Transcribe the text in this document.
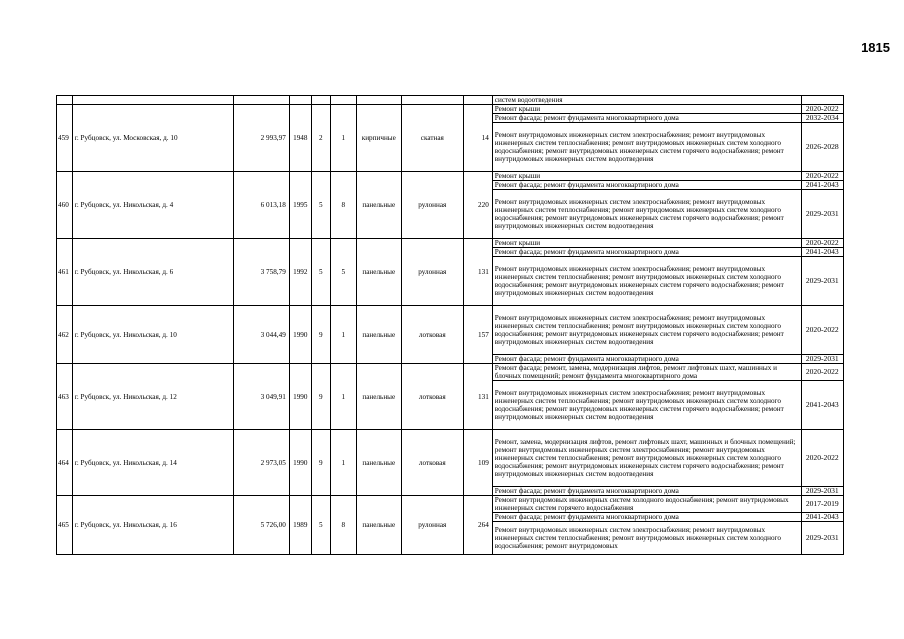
1815
									систем водоотведения	
459	г. Рубцовск, ул. Московская, д. 10	2 993,97	1948	2	1	кирпичные	скатная	14	Ремонт крыши	2020-2022
									Ремонт фасада; ремонт фундамента многоквартирного дома	2032-2034
									Ремонт внутридомовых инженерных систем электроснабжения; ремонт внутридомовых инженерных систем теплоснабжения; ремонт внутридомовых инженерных систем холодного водоснабжения; ремонт внутридомовых инженерных систем горячего водоснабжения; ремонт внутридомовых инженерных систем водоотведения	2026-2028
460	г. Рубцовск, ул. Никольская, д. 4	6 013,18	1995	5	8	панельные	рулонная	220	Ремонт крыши	2020-2022
									Ремонт фасада; ремонт фундамента многоквартирного дома	2041-2043
									Ремонт внутридомовых инженерных систем электроснабжения; ремонт внутридомовых инженерных систем теплоснабжения; ремонт внутридомовых инженерных систем холодного водоснабжения; ремонт внутридомовых инженерных систем горячего водоснабжения; ремонт внутридомовых инженерных систем водоотведения	2029-2031
461	г. Рубцовск, ул. Никольская, д. 6	3 758,79	1992	5	5	панельные	рулонная	131	Ремонт крыши	2020-2022
									Ремонт фасада; ремонт фундамента многоквартирного дома	2041-2043
									Ремонт внутридомовых инженерных систем электроснабжения; ремонт внутридомовых инженерных систем теплоснабжения; ремонт внутридомовых инженерных систем холодного водоснабжения; ремонт внутридомовых инженерных систем горячего водоснабжения; ремонт внутридомовых инженерных систем водоотведения	2029-2031
462	г. Рубцовск, ул. Никольская, д. 10	3 044,49	1990	9	1	панельные	лотковая	157	Ремонт внутридомовых инженерных систем электроснабжения; ремонт внутридомовых инженерных систем теплоснабжения; ремонт внутридомовых инженерных систем холодного водоснабжения; ремонт внутридомовых инженерных систем горячего водоснабжения; ремонт внутридомовых инженерных систем водоотведения	2020-2022
									Ремонт фасада; ремонт фундамента многоквартирного дома	2029-2031
463	г. Рубцовск, ул. Никольская, д. 12	3 049,91	1990	9	1	панельные	лотковая	131	Ремонт фасада; ремонт, замена, модернизация лифтов, ремонт лифтовых шахт, машинных и блочных помещений; ремонт фундамента многоквартирного дома	2020-2022
									Ремонт внутридомовых инженерных систем электроснабжения; ремонт внутридомовых инженерных систем теплоснабжения; ремонт внутридомовых инженерных систем холодного водоснабжения; ремонт внутридомовых инженерных систем горячего водоснабжения; ремонт внутридомовых инженерных систем водоотведения	2041-2043
464	г. Рубцовск, ул. Никольская, д. 14	2 973,05	1990	9	1	панельные	лотковая	109	Ремонт, замена, модернизация лифтов, ремонт лифтовых шахт, машинных и блочных помещений; ремонт внутридомовых инженерных систем электроснабжения; ремонт внутридомовых инженерных систем теплоснабжения; ремонт внутридомовых инженерных систем холодного водоснабжения; ремонт внутридомовых инженерных систем горячего водоснабжения; ремонт внутридомовых инженерных систем водоотведения	2020-2022
									Ремонт фасада; ремонт фундамента многоквартирного дома	2029-2031
465	г. Рубцовск, ул. Никольская, д. 16	5 726,00	1989	5	8	панельные	рулонная	264	Ремонт внутридомовых инженерных систем холодного водоснабжения; ремонт внутридомовых инженерных систем горячего водоснабжения	2017-2019
									Ремонт фасада; ремонт фундамента многоквартирного дома	2041-2043
									Ремонт внутридомовых инженерных систем электроснабжения; ремонт внутридомовых инженерных систем теплоснабжения; ремонт внутридомовых инженерных систем холодного водоснабжения; ремонт внутридомовых	2029-2031
